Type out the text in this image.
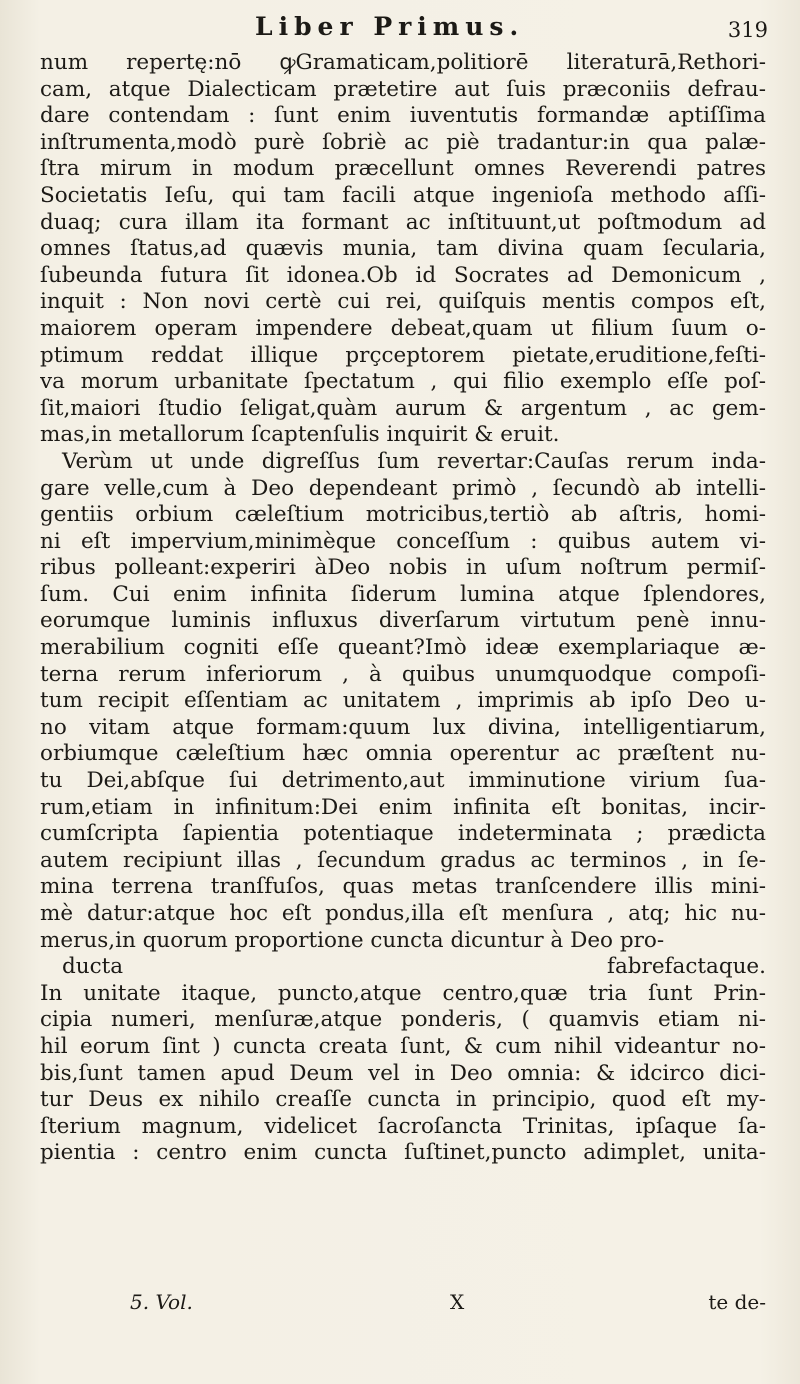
Liber Primus.	319
num repertę:nō ꝙGramaticam,politiorē literaturā,Rethori-
cam, atque Dialecticam prætetire aut ſuis præconiis defrau-
dare contendam : ſunt enim iuventutis formandæ aptiſſima
inſtrumenta,modò purè ſobriè ac piè tradantur:in qua palæ-
ſtra mirum in modum præcellunt omnes Reverendi patres
Societatis Ieſu, qui tam facili atque ingenioſa methodo aſſi-
duaq; cura illam ita formant ac inſtituunt,ut poſtmodum ad
omnes ſtatus,ad quævis munia, tam divina quam ſecularia,
ſubeunda futura ſit idonea.Ob id Socrates ad Demonicum ,
inquit : Non novi certè cui rei, quiſquis mentis compos eſt,
maiorem operam impendere debeat,quam ut filium ſuum o-
ptimum reddat illique prçceptorem pietate,eruditione,feſti-
va morum urbanitate ſpectatum , qui filio exemplo eſſe poſ-
ſit,maiori ſtudio ſeligat,quàm aurum & argentum , ac gem-
mas,in metallorum ſcaptenſulis inquirit & eruit.
Verùm ut unde digreſſus ſum revertar:Cauſas rerum inda-
gare velle,cum à Deo dependeant primò , ſecundò ab intelli-
gentiis orbium cæleſtium motricibus,tertiò ab aſtris, homi-
ni eſt impervium,minimèque conceſſum : quibus autem vi-
ribus polleant:experiri àDeo nobis in uſum noſtrum permiſ-
ſum. Cui enim infinita ſiderum lumina atque ſplendores,
eorumque luminis influxus diverſarum virtutum penè innu-
merabilium cogniti eſſe queant?Imò ideæ exemplariaque æ-
terna rerum inferiorum , à quibus unumquodque compoſi-
tum recipit eſſentiam ac unitatem , imprimis ab ipſo Deo u-
no vitam atque formam:quum lux divina, intelligentiarum,
orbiumque cæleſtium hæc omnia operentur ac præſtent nu-
tu Dei,abſque ſui detrimento,aut imminutione virium ſua-
rum,etiam in infinitum:Dei enim infinita eſt bonitas, incir-
cumſcripta ſapientia potentiaque indeterminata ; prædicta
autem recipiunt illas , ſecundum gradus ac terminos , in ſe-
mina terrena tranſfuſos, quas metas tranſcendere illis mini-
mè datur:atque hoc eſt pondus,illa eſt menſura , atq; hic nu-
merus,in quorum proportione cuncta dicuntur à Deo pro-
ducta fabrefactaque.
In unitate itaque, puncto,atque centro,quæ tria ſunt Prin-
cipia numeri, menſuræ,atque ponderis, ( quamvis etiam ni-
hil eorum ſint ) cuncta creata ſunt, & cum nihil videantur no-
bis,ſunt tamen apud Deum vel in Deo omnia: & idcirco dici-
tur Deus ex nihilo creaſſe cuncta in principio, quod eſt my-
ſterium magnum, videlicet ſacroſancta Trinitas, ipſaque ſa-
pientia : centro enim cuncta ſuſtinet,puncto adimplet, unita-
5. Vol.	X	te de-
